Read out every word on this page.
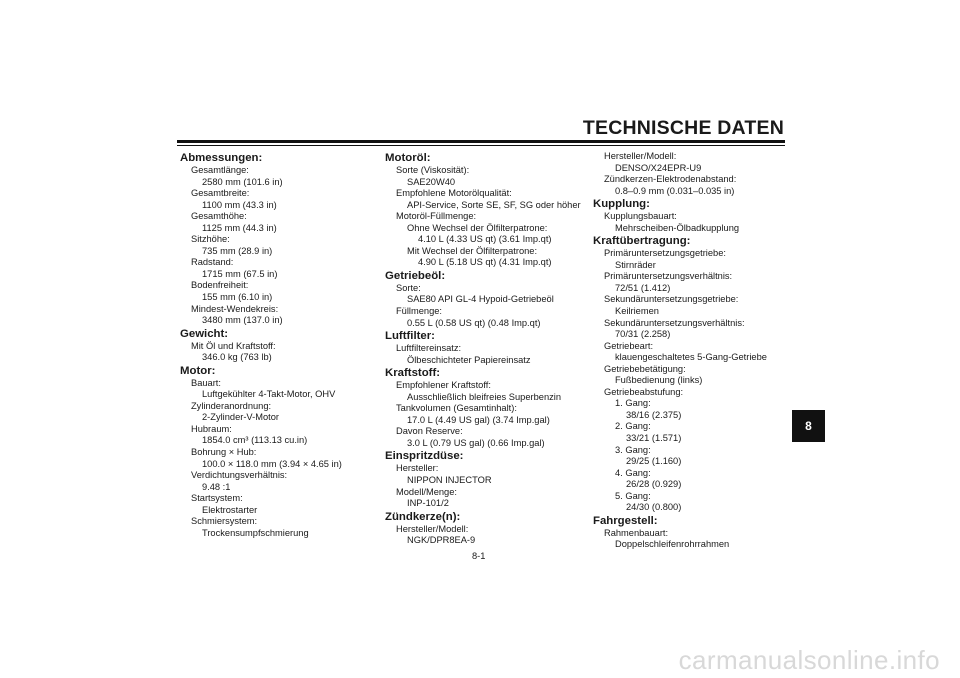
TECHNISCHE DATEN
Abmessungen:
Gesamtlänge:
2580 mm (101.6 in)
Gesamtbreite:
1100 mm (43.3 in)
Gesamthöhe:
1125 mm (44.3 in)
Sitzhöhe:
735 mm (28.9 in)
Radstand:
1715 mm (67.5 in)
Bodenfreiheit:
155 mm (6.10 in)
Mindest-Wendekreis:
3480 mm (137.0 in)
Gewicht:
Mit Öl und Kraftstoff:
346.0 kg (763 lb)
Motor:
Bauart:
Luftgekühlter 4-Takt-Motor, OHV
Zylinderanordnung:
2-Zylinder-V-Motor
Hubraum:
1854.0 cm³ (113.13 cu.in)
Bohrung × Hub:
100.0 × 118.0 mm (3.94 × 4.65 in)
Verdichtungsverhältnis:
9.48 :1
Startsystem:
Elektrostarter
Schmiersystem:
Trockensumpfschmierung
Motoröl:
Sorte (Viskosität):
SAE20W40
Empfohlene Motorölqualität:
API-Service, Sorte SE, SF, SG oder höher
Motoröl-Füllmenge:
Ohne Wechsel der Ölfilterpatrone:
4.10 L (4.33 US qt) (3.61 Imp.qt)
Mit Wechsel der Ölfilterpatrone:
4.90 L (5.18 US qt) (4.31 Imp.qt)
Getriebeöl:
Sorte:
SAE80 API GL-4 Hypoid-Getriebeöl
Füllmenge:
0.55 L (0.58 US qt) (0.48 Imp.qt)
Luftfilter:
Luftfiltereinsatz:
Ölbeschichteter Papiereinsatz
Kraftstoff:
Empfohlener Kraftstoff:
Ausschließlich bleifreies Superbenzin
Tankvolumen (Gesamtinhalt):
17.0 L (4.49 US gal) (3.74 Imp.gal)
Davon Reserve:
3.0 L (0.79 US gal) (0.66 Imp.gal)
Einspritzdüse:
Hersteller:
NIPPON INJECTOR
Modell/Menge:
INP-101/2
Zündkerze(n):
Hersteller/Modell:
NGK/DPR8EA-9
Hersteller/Modell:
DENSO/X24EPR-U9
Zündkerzen-Elektrodenabstand:
0.8–0.9 mm (0.031–0.035 in)
Kupplung:
Kupplungsbauart:
Mehrscheiben-Ölbadkupplung
Kraftübertragung:
Primäruntersetzungsgetriebe:
Stirnräder
Primäruntersetzungsverhältnis:
72/51 (1.412)
Sekundäruntersetzungsgetriebe:
Keilriemen
Sekundäruntersetzungsverhältnis:
70/31 (2.258)
Getriebeart:
klauengeschaltetes 5-Gang-Getriebe
Getriebebetätigung:
Fußbedienung (links)
Getriebeabstufung:
1. Gang:
38/16 (2.375)
2. Gang:
33/21 (1.571)
3. Gang:
29/25 (1.160)
4. Gang:
26/28 (0.929)
5. Gang:
24/30 (0.800)
Fahrgestell:
Rahmenbauart:
Doppelschleifenrohrrahmen
8
8-1
carmanualsonline.info
